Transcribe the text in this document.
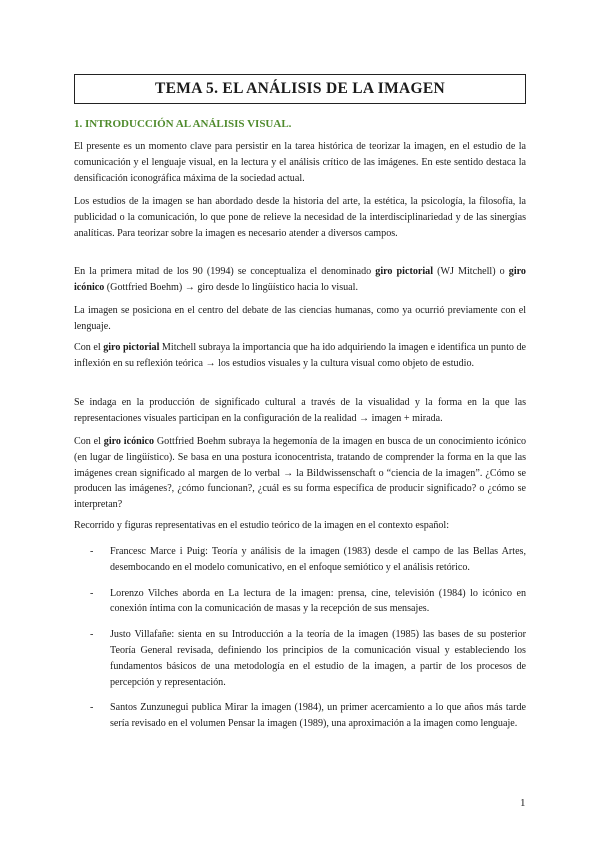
TEMA 5. EL ANÁLISIS DE LA IMAGEN
1. INTRODUCCIÓN AL ANÁLISIS VISUAL.

El presente es un momento clave para persistir en la tarea histórica de teorizar la imagen, en el estudio de la comunicación y el lenguaje visual, en la lectura y el análisis crítico de las imágenes. En este sentido destaca la densificación iconográfica máxima de la sociedad actual.

Los estudios de la imagen se han abordado desde la historia del arte, la estética, la psicología, la filosofía, la publicidad o la comunicación, lo que pone de relieve la necesidad de la interdisciplinariedad y de las sinergias analíticas. Para teorizar sobre la imagen es necesario atender a diversos campos.

En la primera mitad de los 90 (1994) se conceptualiza el denominado giro pictorial (WJ Mitchell) o giro icónico (Gottfried Boehm) → giro desde lo lingüístico hacia lo visual.

La imagen se posiciona en el centro del debate de las ciencias humanas, como ya ocurrió previamente con el lenguaje.

Con el giro pictorial Mitchell subraya la importancia que ha ido adquiriendo la imagen e identifica un punto de inflexión en su reflexión teórica → los estudios visuales y la cultura visual como objeto de estudio.

Se indaga en la producción de significado cultural a través de la visualidad y la forma en la que las representaciones visuales participan en la configuración de la realidad → imagen + mirada.

Con el giro icónico Gottfried Boehm subraya la hegemonía de la imagen en busca de un conocimiento icónico (en lugar de lingüístico). Se basa en una postura iconocentrista, tratando de comprender la forma en la que las imágenes crean significado al margen de lo verbal → la Bildwissenschaft o “ciencia de la imagen”. ¿Cómo se producen las imágenes?, ¿cómo funcionan?, ¿cuál es su forma específica de producir significado? o ¿cómo se interpretan?

Recorrido y figuras representativas en el estudio teórico de la imagen en el contexto español:

- Francesc Marce i Puig: Teoría y análisis de la imagen (1983) desde el campo de las Bellas Artes, desembocando en el modelo comunicativo, en el enfoque semiótico y el análisis retórico.
- Lorenzo Vilches aborda en La lectura de la imagen: prensa, cine, televisión (1984) lo icónico en conexión íntima con la comunicación de masas y la recepción de sus mensajes.
- Justo Villafañe: sienta en su Introducción a la teoría de la imagen (1985) las bases de su posterior Teoría General revisada, definiendo los principios de la comunicación visual y estableciendo los fundamentos básicos de una metodología en el estudio de la imagen, a partir de los procesos de percepción y representación.
- Santos Zunzunegui publica Mirar la imagen (1984), un primer acercamiento a lo que años más tarde sería revisado en el volumen Pensar la imagen (1989), una aproximación a la imagen como lenguaje.
1
